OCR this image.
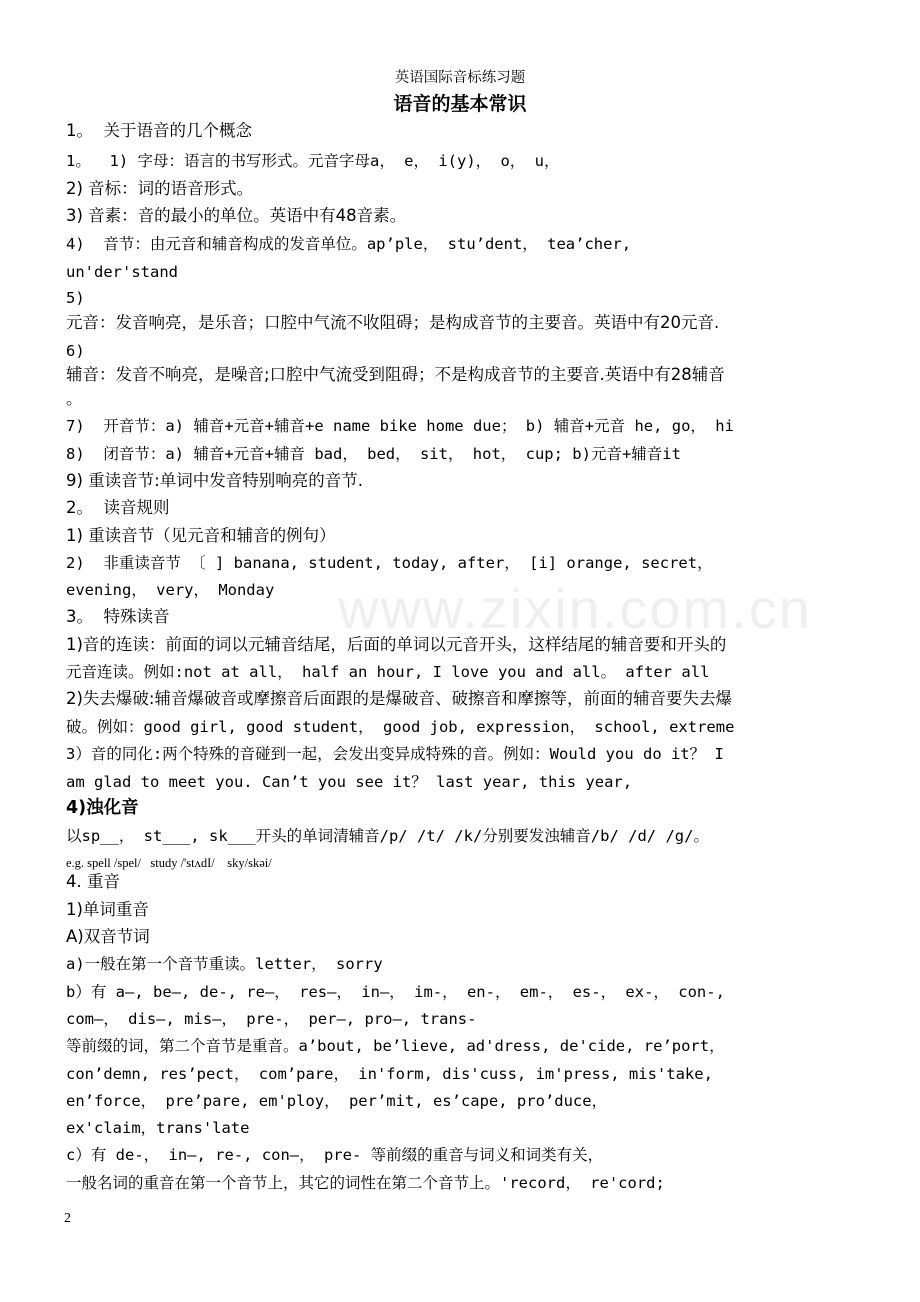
www.zixin.com.cn
英语国际音标练习题
语音的基本常识
1。  关于语音的几个概念
1。  1) 字母：语言的书写形式。元音字母a， e， i(y)， o， u，
2) 音标：词的语音形式。
3) 音素：音的最小的单位。英语中有48音素。
4)  音节：由元音和辅音构成的发音单位。ap’ple， stu’dent， tea’cher,
un'der'stand
5)
元音：发音响亮，是乐音；口腔中气流不收阻碍；是构成音节的主要音。英语中有20元音.
6)
辅音：发音不响亮，是噪音;口腔中气流受到阻碍；不是构成音节的主要音.英语中有28辅音
。
7)  开音节：a) 辅音+元音+辅音+e name bike home due； b) 辅音+元音 he, go， hi
8)  闭音节：a) 辅音+元音+辅音 bad， bed， sit， hot， cup; b)元音+辅音it
9) 重读音节:单词中发音特别响亮的音节.
2。  读音规则
1) 重读音节（见元音和辅音的例句）
2)  非重读音节 〔 ] banana, student, today, after， [i] orange, secret，
evening， very， Monday
3。  特殊读音
1)音的连读：前面的词以元辅音结尾，后面的单词以元音开头，这样结尾的辅音要和开头的
元音连读。例如:not at all， half an hour, I love you and all。 after all
2)失去爆破:辅音爆破音或摩擦音后面跟的是爆破音、破擦音和摩擦等，前面的辅音要失去爆
破。例如：good girl, good student， good job, expression， school, extreme
3）音的同化:两个特殊的音碰到一起，会发出变异成特殊的音。例如：Would you do it？ I
am glad to meet you. Can’t you see it？ last year, this year,
4)浊化音
以sp__， st___, sk___开头的单词清辅音/p/ /t/ /k/分别要发浊辅音/b/ /d/ /g/。
e.g. spell /spel/   study /'stʌdI/    sky/skəi/
4. 重音
1)单词重音
A)双音节词
a)一般在第一个音节重读。letter， sorry
b）有 a—, be—, de-, re—， res—， in—， im-， en-， em-， es-， ex-， con-,
com—， dis—, mis—， pre-， per—, pro—, trans-
等前缀的词，第二个音节是重音。a’bout, be’lieve, ad'dress, de'cide, re’port，
con’demn, res’pect， com’pare， in'form, dis'cuss, im'press, mis'take,
en’force， pre’pare, em'ploy， per’mit, es’cape, pro’duce，
ex'claim，trans'late
c）有 de-， in—, re-, con—， pre- 等前缀的重音与词义和词类有关，
一般名词的重音在第一个音节上，其它的词性在第二个音节上。'record， re'cord;
2
